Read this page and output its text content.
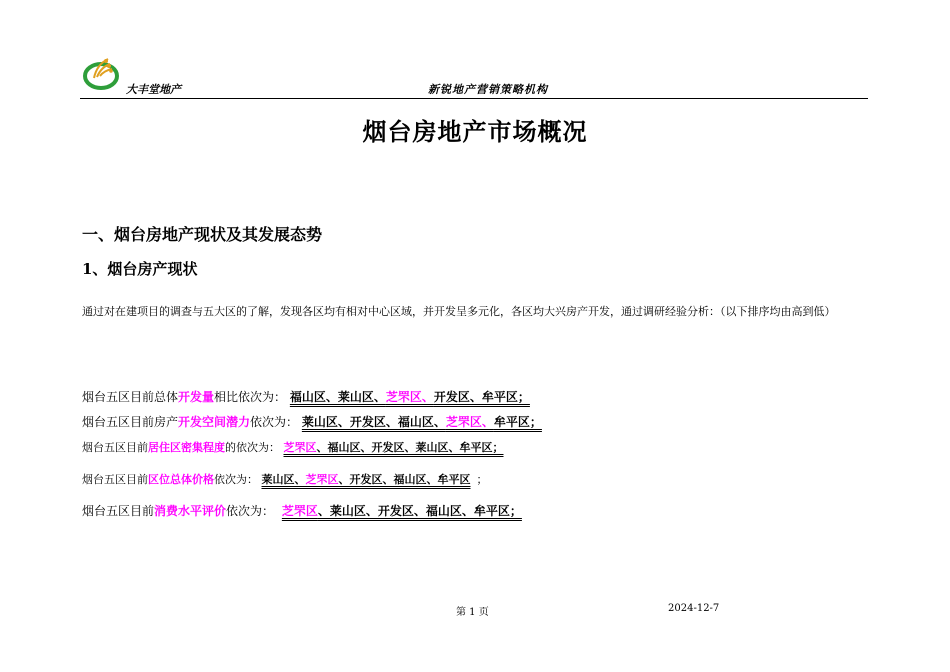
大丰堂地产	新锐地产营销策略机构
烟台房地产市场概况
一、烟台房地产现状及其发展态势
1、烟台房产现状
通过对在建项目的调查与五大区的了解，发现各区均有相对中心区域，并开发呈多元化，各区均大兴房产开发，通过调研经验分析：（以下排序均由高到低）
烟台五区目前总体开发量相比依次为： 福山区、莱山区、芝罘区、开发区、牟平区；
烟台五区目前房产开发空间潜力依次为： 莱山区、开发区、福山区、芝罘区、牟平区；
烟台五区目前居住区密集程度的依次为： 芝罘区、福山区、开发区、莱山区、牟平区；
烟台五区目前区位总体价格依次为： 莱山区、芝罘区、开发区、福山区、牟平区 ；
烟台五区目前消费水平评价依次为： 芝罘区、莱山区、开发区、福山区、牟平区；
第 1 页	2024-12-7
